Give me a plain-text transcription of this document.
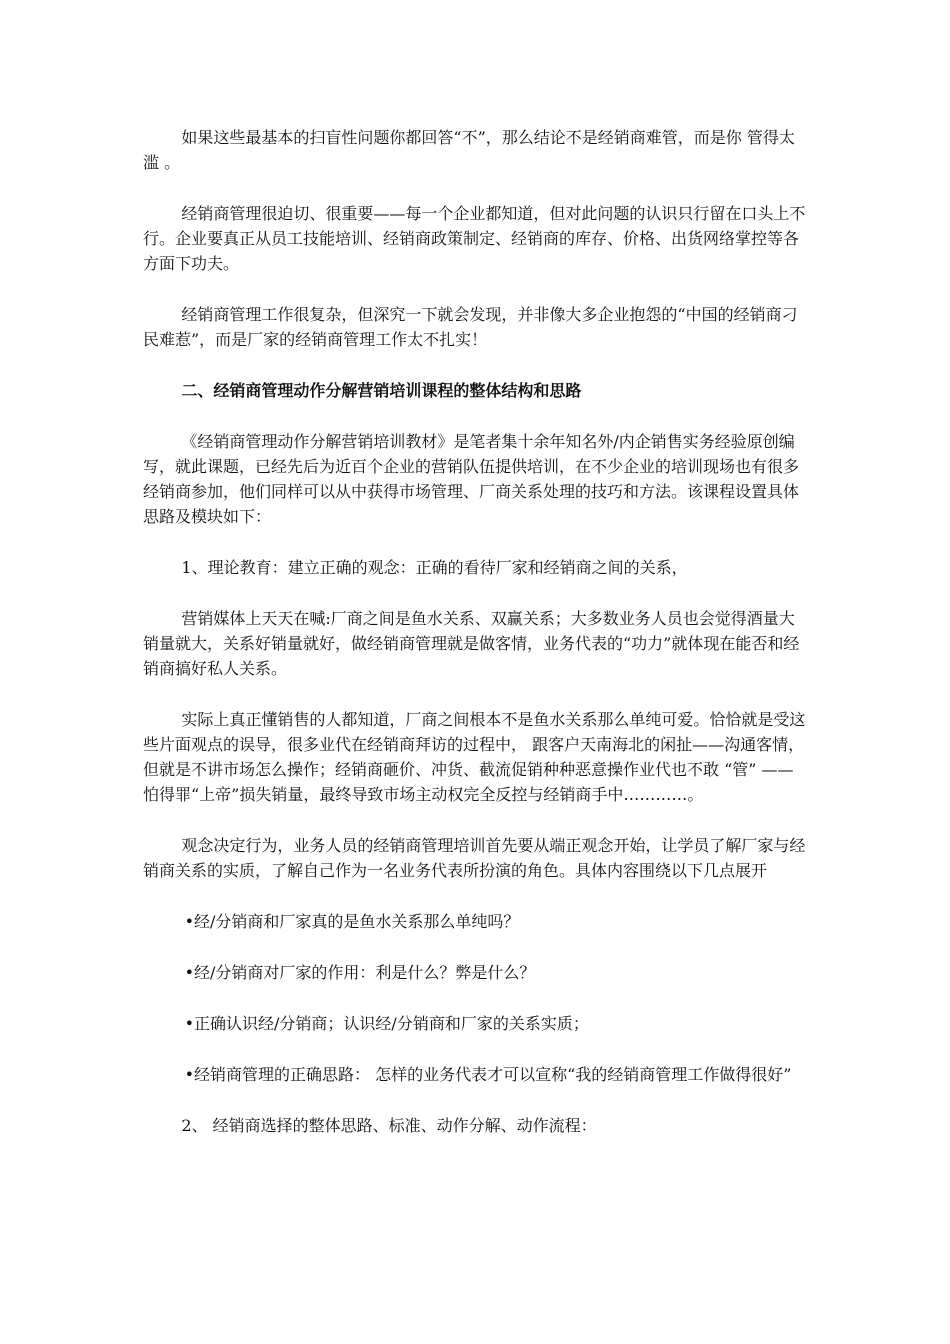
如果这些最基本的扫盲性问题你都回答“不”，那么结论不是经销商难管，而是你 管得太滥 。

经销商管理很迫切、很重要——每一个企业都知道，但对此问题的认识只行留在口头上不行。企业要真正从员工技能培训、经销商政策制定、经销商的库存、价格、出货网络掌控等各方面下功夫。

经销商管理工作很复杂，但深究一下就会发现，并非像大多企业抱怨的“中国的经销商刁民难惹”，而是厂家的经销商管理工作太不扎实！

二、经销商管理动作分解营销培训课程的整体结构和思路

《经销商管理动作分解营销培训教材》是笔者集十余年知名外/内企销售实务经验原创编写，就此课题，已经先后为近百个企业的营销队伍提供培训，在不少企业的培训现场也有很多经销商参加，他们同样可以从中获得市场管理、厂商关系处理的技巧和方法。该课程设置具体思路及模块如下：

1、理论教育：建立正确的观念：正确的看待厂家和经销商之间的关系，

营销媒体上天天在喊:厂商之间是鱼水关系、双赢关系；大多数业务人员也会觉得酒量大销量就大，关系好销量就好，做经销商管理就是做客情，业务代表的“功力”就体现在能否和经销商搞好私人关系。

实际上真正懂销售的人都知道，厂商之间根本不是鱼水关系那么单纯可爱。恰恰就是受这些片面观点的误导，很多业代在经销商拜访的过程中， 跟客户天南海北的闲扯——沟通客情， 但就是不讲市场怎么操作；经销商砸价、冲货、截流促销种种恶意操作业代也不敢 “管” ——怕得罪“上帝”损失销量，最终导致市场主动权完全反控与经销商手中…………。

观念决定行为，业务人员的经销商管理培训首先要从端正观念开始，让学员了解厂家与经销商关系的实质，了解自己作为一名业务代表所扮演的角色。具体内容围绕以下几点展开

•经/分销商和厂家真的是鱼水关系那么单纯吗？

•经/分销商对厂家的作用：利是什么？弊是什么？

•正确认识经/分销商；认识经/分销商和厂家的关系实质；

•经销商管理的正确思路： 怎样的业务代表才可以宣称“我的经销商管理工作做得很好”

2、 经销商选择的整体思路、标准、动作分解、动作流程：
